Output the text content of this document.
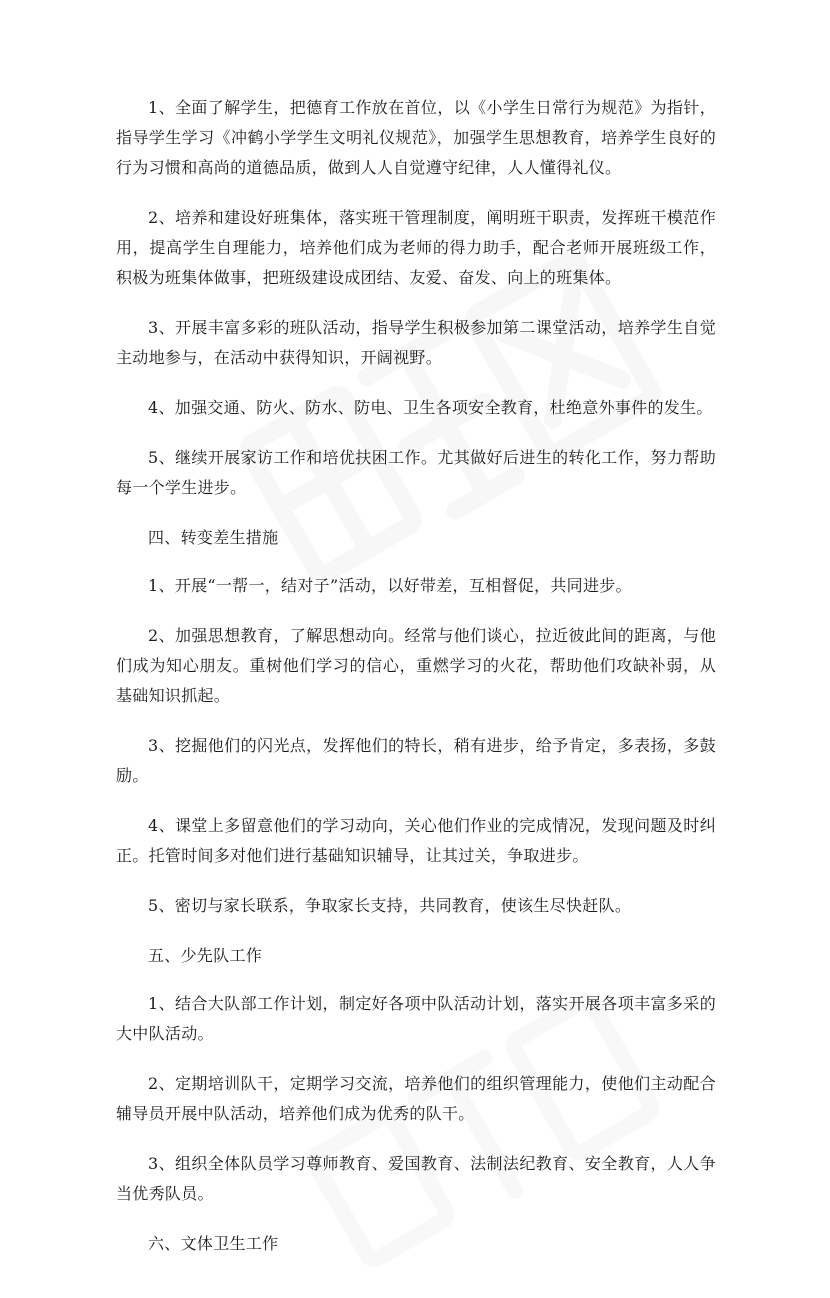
1、全面了解学生，把德育工作放在首位，以《小学生日常行为规范》为指针，指导学生学习《冲鹤小学学生文明礼仪规范》，加强学生思想教育，培养学生良好的行为习惯和高尚的道德品质，做到人人自觉遵守纪律，人人懂得礼仪。

2、培养和建设好班集体，落实班干管理制度，阐明班干职责，发挥班干模范作用，提高学生自理能力，培养他们成为老师的得力助手，配合老师开展班级工作，积极为班集体做事，把班级建设成团结、友爱、奋发、向上的班集体。

3、开展丰富多彩的班队活动，指导学生积极参加第二课堂活动，培养学生自觉主动地参与，在活动中获得知识，开阔视野。

4、加强交通、防火、防水、防电、卫生各项安全教育，杜绝意外事件的发生。

5、继续开展家访工作和培优扶困工作。尤其做好后进生的转化工作，努力帮助每一个学生进步。

四、转变差生措施

1、开展“一帮一，结对子”活动，以好带差，互相督促，共同进步。

2、加强思想教育，了解思想动向。经常与他们谈心，拉近彼此间的距离，与他们成为知心朋友。重树他们学习的信心，重燃学习的火花，帮助他们攻缺补弱，从基础知识抓起。

3、挖掘他们的闪光点，发挥他们的特长，稍有进步，给予肯定，多表扬，多鼓励。

4、课堂上多留意他们的学习动向，关心他们作业的完成情况，发现问题及时纠正。托管时间多对他们进行基础知识辅导，让其过关，争取进步。

5、密切与家长联系，争取家长支持，共同教育，使该生尽快赶队。

五、少先队工作

1、结合大队部工作计划，制定好各项中队活动计划，落实开展各项丰富多采的大中队活动。

2、定期培训队干，定期学习交流，培养他们的组织管理能力，使他们主动配合辅导员开展中队活动，培养他们成为优秀的队干。

3、组织全体队员学习尊师教育、爱国教育、法制法纪教育、安全教育，人人争当优秀队员。

六、文体卫生工作
